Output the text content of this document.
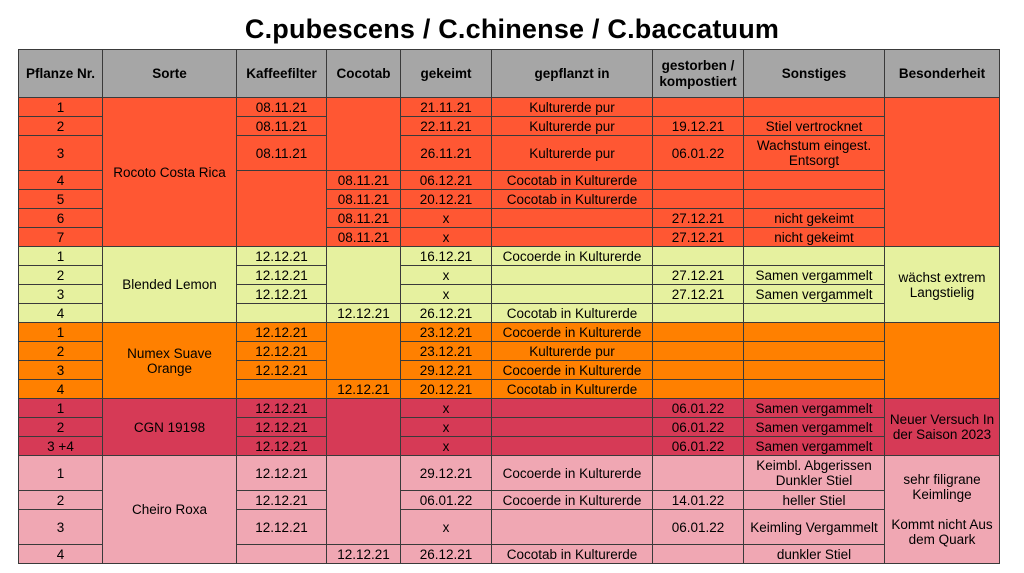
C.pubescens / C.chinense / C.baccatuum
Pflanze Nr.	Sorte	Kaffeefilter	Cocotab	gekeimt	gepflanzt in	gestorben / kompostiert	Sonstiges	Besonderheit
1	Rocoto Costa Rica	08.11.21		21.11.21	Kulturerde pur			
2		08.11.21		22.11.21	Kulturerde pur	19.12.21	Stiel vertrocknet	
3		08.11.21		26.11.21	Kulturerde pur	06.01.22	Wachstum eingest. Entsorgt	
4			08.11.21	06.12.21	Cocotab in Kulturerde			
5			08.11.21	20.12.21	Cocotab in Kulturerde			
6			08.11.21	x		27.12.21	nicht gekeimt	
7			08.11.21	x		27.12.21	nicht gekeimt	
1	Blended Lemon	12.12.21		16.12.21	Cocoerde in Kulturerde			wächst extrem Langstielig
2		12.12.21		x		27.12.21	Samen vergammelt	
3		12.12.21		x		27.12.21	Samen vergammelt	
4			12.12.21	26.12.21	Cocotab in Kulturerde			
1	Numex Suave Orange	12.12.21		23.12.21	Cocoerde in Kulturerde			
2		12.12.21		23.12.21	Kulturerde pur			
3		12.12.21		29.12.21	Cocoerde in Kulturerde			
4			12.12.21	20.12.21	Cocotab in Kulturerde			
1	CGN 19198	12.12.21		x		06.01.22	Samen vergammelt	Neuer Versuch In der Saison 2023
2		12.12.21		x		06.01.22	Samen vergammelt	
3 +4		12.12.21		x		06.01.22	Samen vergammelt	
1	Cheiro Roxa	12.12.21		29.12.21	Cocoerde in Kulturerde		Keimbl. Abgerissen Dunkler Stiel	sehr filigrane Keimlinge
Kommt nicht Aus dem Quark

2		12.12.21		06.01.22	Cocoerde in Kulturerde	14.01.22	heller Stiel	
3		12.12.21		x		06.01.22	Keimling Vergammelt	
4			12.12.21	26.12.21	Cocotab in Kulturerde		dunkler Stiel	
